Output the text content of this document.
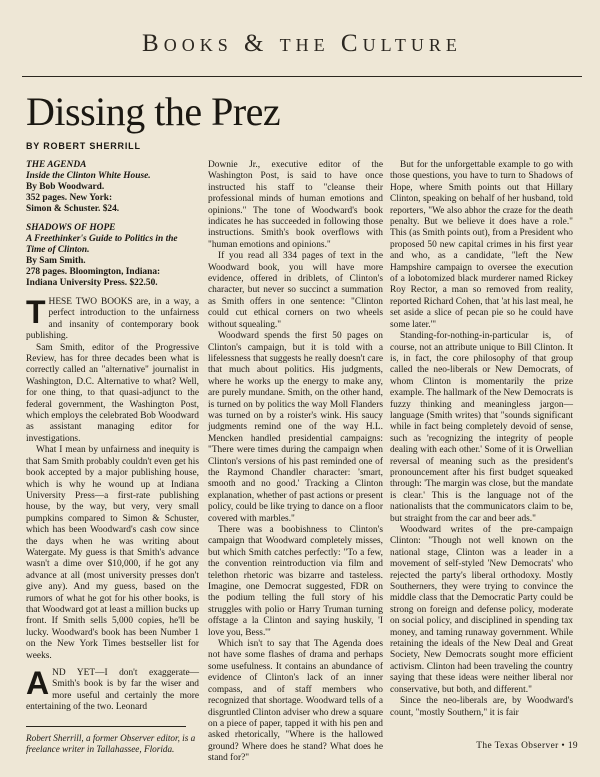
Books & the Culture
Dissing the Prez
BY ROBERT SHERRILL
THE AGENDA
Inside the Clinton White House.
By Bob Woodward.
352 pages. New York:
Simon & Schuster. $24.
SHADOWS OF HOPE
A Freethinker's Guide to Politics in the Time of Clinton.
By Sam Smith.
278 pages. Bloomington, Indiana:
Indiana University Press. $22.50.

THESE TWO BOOKS are, in a way, a perfect introduction to the unfairness and insanity of contemporary book publishing.

Sam Smith, editor of the Progressive Review, has for three decades been what is correctly called an "alternative" journalist in Washington, D.C. Alternative to what? Well, for one thing, to that quasi-adjunct to the federal government, the Washington Post, which employs the celebrated Bob Woodward as assistant managing editor for investigations.

What I mean by unfairness and inequity is that Sam Smith probably couldn't even get his book accepted by a major publishing house, which is why he wound up at Indiana University Press—a first-rate publishing house, by the way, but very, very small pumpkins compared to Simon & Schuster, which has been Woodward's cash cow since the days when he was writing about Watergate. My guess is that Smith's advance wasn't a dime over $10,000, if he got any advance at all (most university presses don't give any). And my guess, based on the rumors of what he got for his other books, is that Woodward got at least a million bucks up front. If Smith sells 5,000 copies, he'll be lucky. Woodward's book has been Number 1 on the New York Times bestseller list for weeks.

AND YET—I don't exaggerate—Smith's book is by far the wiser and more useful and certainly the more entertaining of the two. Leonard

Robert Sherrill, a former Observer editor, is a freelance writer in Tallahassee, Florida.

Downie Jr., executive editor of the Washington Post, is said to have once instructed his staff to "cleanse their professional minds of human emotions and opinions." The tone of Woodward's book indicates he has succeeded in following those instructions. Smith's book overflows with "human emotions and opinions."

If you read all 334 pages of text in the Woodward book, you will have more evidence, offered in driblets, of Clinton's character, but never so succinct a summation as Smith offers in one sentence: "Clinton could cut ethical corners on two wheels without squealing."

Woodward spends the first 50 pages on Clinton's campaign, but it is told with a lifelessness that suggests he really doesn't care that much about politics. His judgments, where he works up the energy to make any, are purely mundane. Smith, on the other hand, is turned on by politics the way Moll Flanders was turned on by a roister's wink. His saucy judgments remind one of the way H.L. Mencken handled presidential campaigns: "There were times during the campaign when Clinton's versions of his past reminded one of the Raymond Chandler character: 'smart, smooth and no good.' Tracking a Clinton explanation, whether of past actions or present policy, could be like trying to dance on a floor covered with marbles."

There was a boobishness to Clinton's campaign that Woodward completely misses, but which Smith catches perfectly: "To a few, the convention reintroduction via film and telethon rhetoric was bizarre and tasteless. Imagine, one Democrat suggested, FDR on the podium telling the full story of his struggles with polio or Harry Truman turning offstage a la Clinton and saying huskily, 'I love you, Bess.'"

Which isn't to say that The Agenda does not have some flashes of drama and perhaps some usefulness. It contains an abundance of evidence of Clinton's lack of an inner compass, and of staff members who recognized that shortage. Woodward tells of a disgruntled Clinton adviser who drew a square on a piece of paper, tapped it with his pen and asked rhetorically, "Where is the hallowed ground? Where does he stand? What does he stand for?"

But for the unforgettable example to go with those questions, you have to turn to Shadows of Hope, where Smith points out that Hillary Clinton, speaking on behalf of her husband, told reporters, "We also abhor the craze for the death penalty. But we believe it does have a role." This (as Smith points out), from a President who proposed 50 new capital crimes in his first year and who, as a candidate, "left the New Hampshire campaign to oversee the execution of a lobotomized black murderer named Rickey Roy Rector, a man so removed from reality, reported Richard Cohen, that 'at his last meal, he set aside a slice of pecan pie so he could have some later.'"

Standing-for-nothing-in-particular is, of course, not an attribute unique to Bill Clinton. It is, in fact, the core philosophy of that group called the neo-liberals or New Democrats, of whom Clinton is momentarily the prize example. The hallmark of the New Democrats is fuzzy thinking and meaningless jargon—language (Smith writes) that "sounds significant while in fact being completely devoid of sense, such as 'recognizing the integrity of people dealing with each other.' Some of it is Orwellian reversal of meaning such as the president's pronouncement after his first budget squeaked through: 'The margin was close, but the mandate is clear.' This is the language not of the nationalists that the communicators claim to be, but straight from the car and beer ads."

Woodward writes of the pre-campaign Clinton: "Though not well known on the national stage, Clinton was a leader in a movement of self-styled 'New Democrats' who rejected the party's liberal orthodoxy. Mostly Southerners, they were trying to convince the middle class that the Democratic Party could be strong on foreign and defense policy, moderate on social policy, and disciplined in spending tax money, and taming runaway government. While retaining the ideals of the New Deal and Great Society, New Democrats sought more efficient activism. Clinton had been traveling the country saying that these ideas were neither liberal nor conservative, but both, and different."

Since the neo-liberals are, by Woodward's count, "mostly Southern," it is fair

The Texas Observer • 19
